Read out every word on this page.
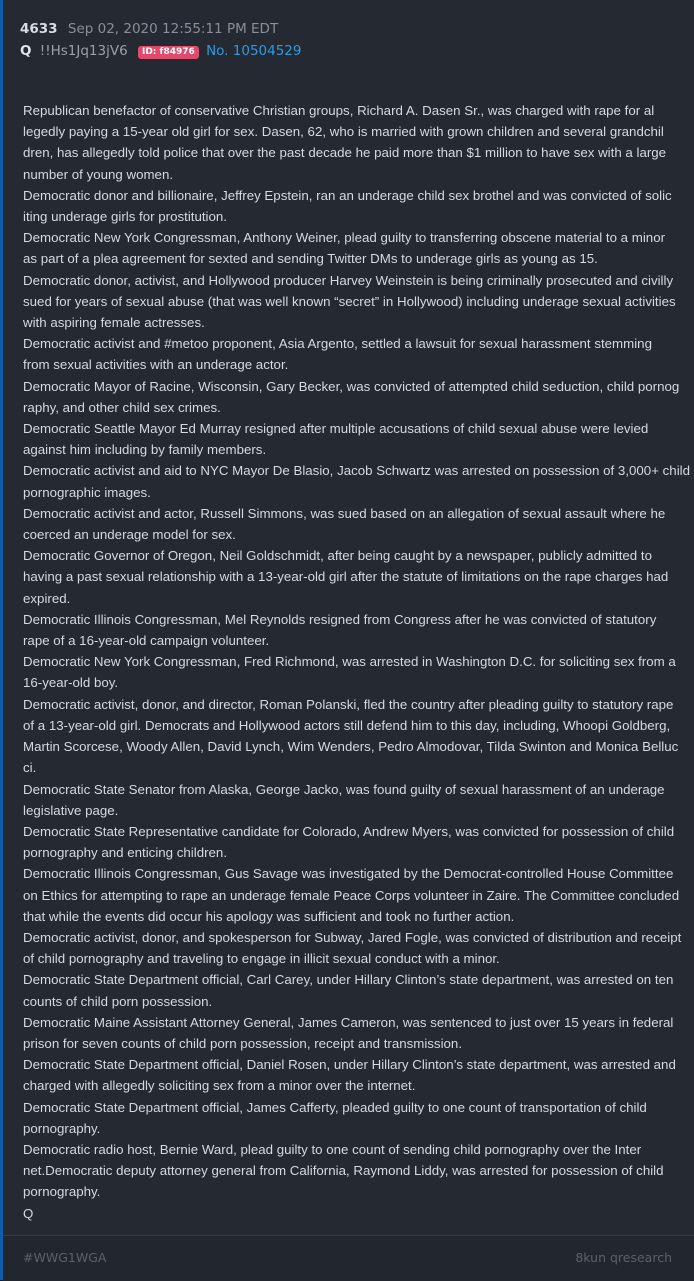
4633 Sep 02, 2020 12:55:11 PM EDT
Q !!Hs1Jq13jV6 ID: f84976 No. 10504529
Republican benefactor of conservative Christian groups, Richard A. Dasen Sr., was charged with rape for al
legedly paying a 15-year old girl for sex. Dasen, 62, who is married with grown children and several grandchil
dren, has allegedly told police that over the past decade he paid more than $1 million to have sex with a large
number of young women.
Democratic donor and billionaire, Jeffrey Epstein, ran an underage child sex brothel and was convicted of solic
iting underage girls for prostitution.
Democratic New York Congressman, Anthony Weiner, plead guilty to transferring obscene material to a minor
as part of a plea agreement for sexted and sending Twitter DMs to underage girls as young as 15.
Democratic donor, activist, and Hollywood producer Harvey Weinstein is being criminally prosecuted and civilly
sued for years of sexual abuse (that was well known “secret” in Hollywood) including underage sexual activities
with aspiring female actresses.
Democratic activist and #metoo proponent, Asia Argento, settled a lawsuit for sexual harassment stemming
from sexual activities with an underage actor.
Democratic Mayor of Racine, Wisconsin, Gary Becker, was convicted of attempted child seduction, child pornog
raphy, and other child sex crimes.
Democratic Seattle Mayor Ed Murray resigned after multiple accusations of child sexual abuse were levied
against him including by family members.
Democratic activist and aid to NYC Mayor De Blasio, Jacob Schwartz was arrested on possession of 3,000+ child
pornographic images.
Democratic activist and actor, Russell Simmons, was sued based on an allegation of sexual assault where he
coerced an underage model for sex.
Democratic Governor of Oregon, Neil Goldschmidt, after being caught by a newspaper, publicly admitted to
having a past sexual relationship with a 13-year-old girl after the statute of limitations on the rape charges had
expired.
Democratic Illinois Congressman, Mel Reynolds resigned from Congress after he was convicted of statutory
rape of a 16-year-old campaign volunteer.
Democratic New York Congressman, Fred Richmond, was arrested in Washington D.C. for soliciting sex from a
16-year-old boy.
Democratic activist, donor, and director, Roman Polanski, fled the country after pleading guilty to statutory rape
of a 13-year-old girl. Democrats and Hollywood actors still defend him to this day, including, Whoopi Goldberg,
Martin Scorcese, Woody Allen, David Lynch, Wim Wenders, Pedro Almodovar, Tilda Swinton and Monica Belluc
ci.
Democratic State Senator from Alaska, George Jacko, was found guilty of sexual harassment of an underage
legislative page.
Democratic State Representative candidate for Colorado, Andrew Myers, was convicted for possession of child
pornography and enticing children.
Democratic Illinois Congressman, Gus Savage was investigated by the Democrat-controlled House Committee
on Ethics for attempting to rape an underage female Peace Corps volunteer in Zaire. The Committee concluded
that while the events did occur his apology was sufficient and took no further action.
Democratic activist, donor, and spokesperson for Subway, Jared Fogle, was convicted of distribution and receipt
of child pornography and traveling to engage in illicit sexual conduct with a minor.
Democratic State Department official, Carl Carey, under Hillary Clinton’s state department, was arrested on ten
counts of child porn possession.
Democratic Maine Assistant Attorney General, James Cameron, was sentenced to just over 15 years in federal
prison for seven counts of child porn possession, receipt and transmission.
Democratic State Department official, Daniel Rosen, under Hillary Clinton’s state department, was arrested and
charged with allegedly soliciting sex from a minor over the internet.
Democratic State Department official, James Cafferty, pleaded guilty to one count of transportation of child
pornography.
Democratic radio host, Bernie Ward, plead guilty to one count of sending child pornography over the Inter
net.Democratic deputy attorney general from California, Raymond Liddy, was arrested for possession of child
pornography.
Q
#WWG1WGA	8kun qresearch
